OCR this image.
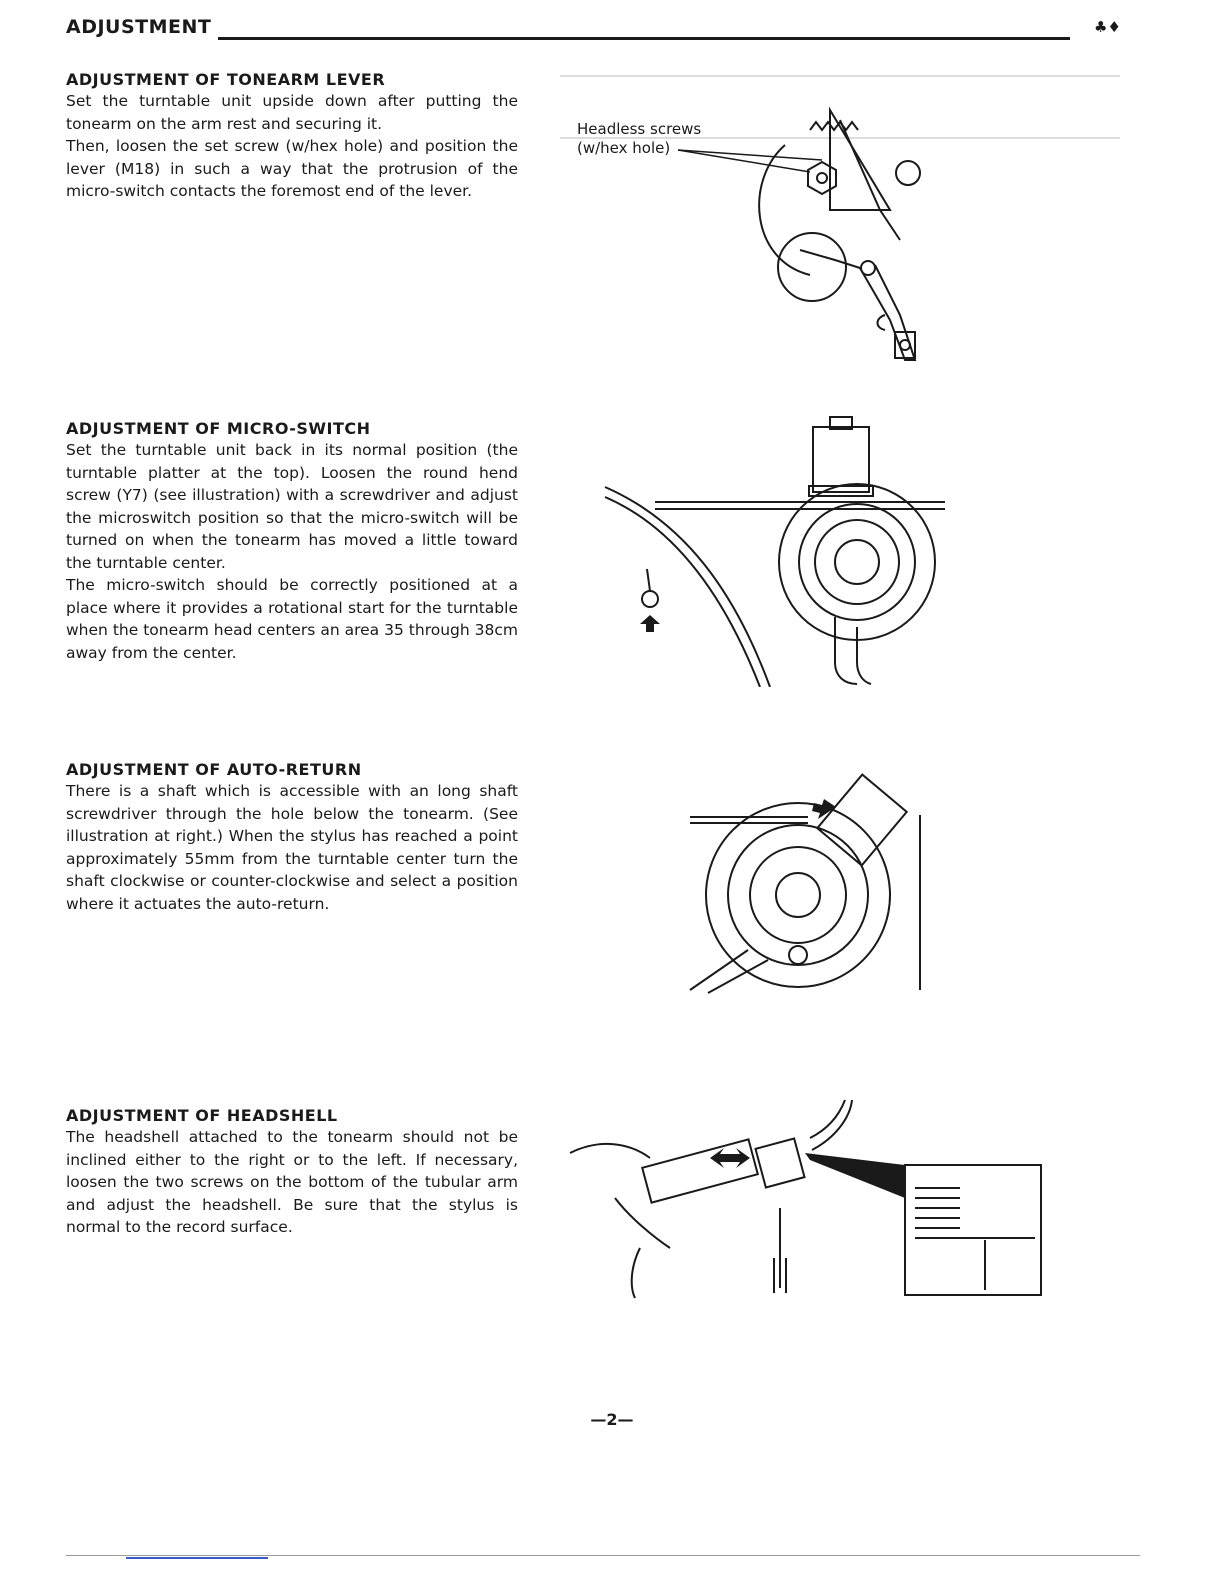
ADJUSTMENT	♣♦
ADJUSTMENT OF TONEARM LEVER

Set the turntable unit upside down after putting the tonearm on the arm rest and securing it.

Then, loosen the set screw (w/hex hole) and position the lever (M18) in such a way that the protrusion of the micro-switch contacts the foremost end of the lever.

Headless screws
(w/hex hole)
ADJUSTMENT OF MICRO-SWITCH

Set the turntable unit back in its normal position (the turntable platter at the top). Loosen the round hend screw (Y7) (see illustration) with a screwdriver and adjust the microswitch position so that the micro-switch will be turned on when the tonearm has moved a little toward the turntable center.

The micro-switch should be correctly positioned at a place where it provides a rotational start for the turntable when the tonearm head centers an area 35 through 38cm away from the center.

ADJUSTMENT OF AUTO-RETURN

There is a shaft which is accessible with an long shaft screwdriver through the hole below the tonearm. (See illustration at right.) When the stylus has reached a point approximately 55mm from the turntable center turn the shaft clockwise or counter-clockwise and select a position where it actuates the auto-return.

ADJUSTMENT OF HEADSHELL

The headshell attached to the tonearm should not be inclined either to the right or to the left. If necessary, loosen the two screws on the bottom of the tubular arm and adjust the headshell. Be sure that the stylus is normal to the record surface.

—2—
